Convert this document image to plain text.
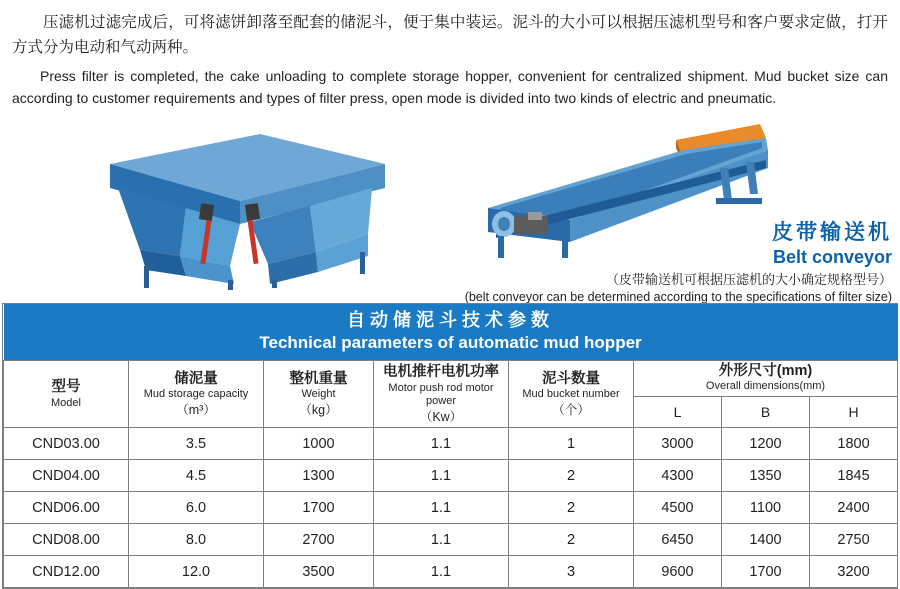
压滤机过滤完成后，可将滤饼卸落至配套的储泥斗，便于集中装运。泥斗的大小可以根据压滤机型号和客户要求定做，打开方式分为电动和气动两种。

Press filter is completed, the cake unloading to complete storage hopper, convenient for centralized shipment. Mud bucket size can according to customer requirements and types of filter press, open mode is divided into two kinds of electric and pneumatic.

皮带输送机
Belt conveyor
（皮带输送机可根据压滤机的大小确定规格型号）
(belt conveyor can be determined according to the specifications of filter size)
自动储泥斗技术参数
Technical parameters of automatic mud hopper							

型号
Model	储泥量
Mud storage capacity
（m³）	整机重量
Weight
（kg）	电机推杆电机功率
Motor push rod motor power
（Kw）	泥斗数量
Mud bucket number
（个）	外形尺寸(mm)
Overall dimensions(mm)		

					L	B	H
CND03.00	3.5	1000	1.1	1	3000	1200	1800
CND04.00	4.5	1300	1.1	2	4300	1350	1845
CND06.00	6.0	1700	1.1	2	4500	1100	2400
CND08.00	8.0	2700	1.1	2	6450	1400	2750
CND12.00	12.0	3500	1.1	3	9600	1700	3200
